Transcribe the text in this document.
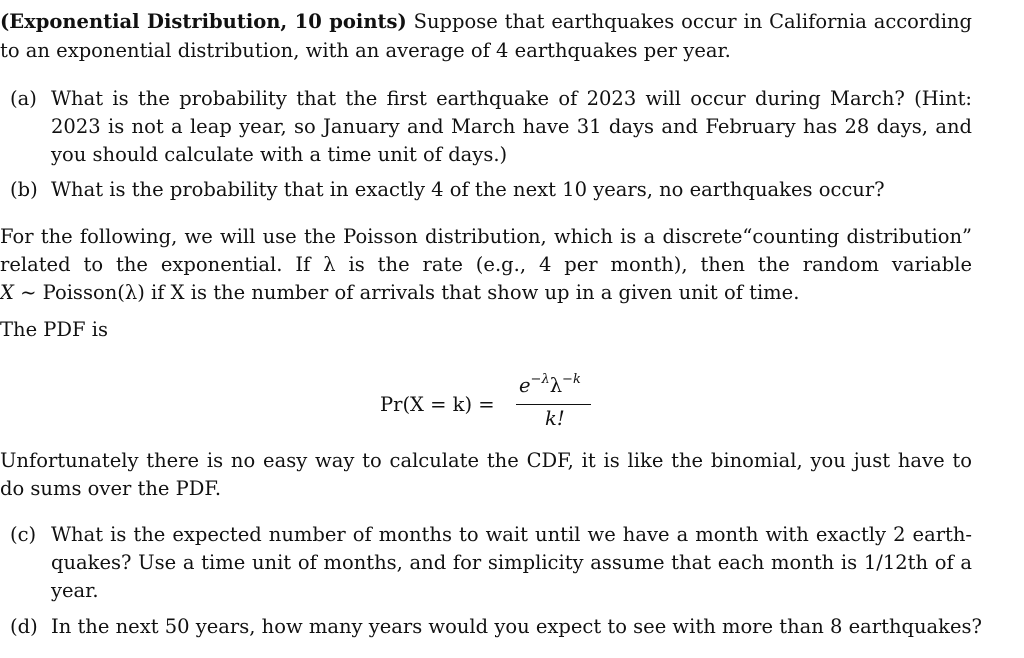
(Exponential Distribution, 10 points) Suppose that earthquakes occur in California according
to an exponential distribution, with an average of 4 earthquakes per year.
(a) What is the probability that the first earthquake of 2023 will occur during March? (Hint:
2023 is not a leap year, so January and March have 31 days and February has 28 days, and
you should calculate with a time unit of days.)
(b) What is the probability that in exactly 4 of the next 10 years, no earthquakes occur?
For the following, we will use the Poisson distribution, which is a discrete“counting distribution”
related to the exponential. If λ is the rate (e.g., 4 per month), then the random variable
X ~ Poisson(λ) if X is the number of arrivals that show up in a given unit of time.
The PDF is
Pr(X = k) =
$e^{-\lambda}\lambda^{-k}$
k!
Unfortunately there is no easy way to calculate the CDF, it is like the binomial, you just have to
do sums over the PDF.
(c) What is the expected number of months to wait until we have a month with exactly 2 earth-
quakes? Use a time unit of months, and for simplicity assume that each month is 1/12th of a
year.
(d) In the next 50 years, how many years would you expect to see with more than 8 earthquakes?
